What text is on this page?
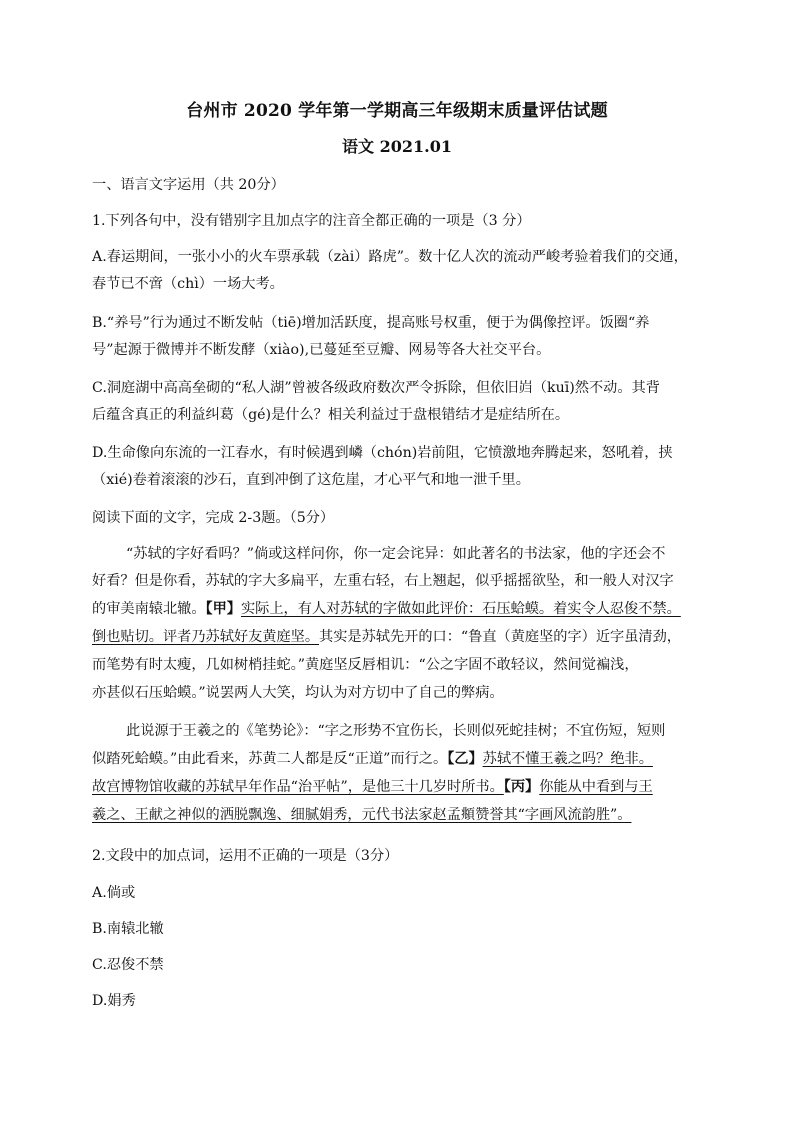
台州市 2020 学年第一学期高三年级期末质量评估试题
语文 2021.01
一、语言文字运用（共 20分）
1.下列各句中，没有错别字且加点字的注音全都正确的一项是（3 分）
A.春运期间，一张小小的火车票承载（zài）路虎”。数十亿人次的流动严峻考验着我们的交通，
春节已不啻（chì）一场大考。
B.“养号”行为通过不断发帖（tiē)增加活跃度，提高账号权重，便于为偶像控评。饭圈“养
号”起源于微博并不断发酵（xiào),已蔓延至豆瓣、网易等各大社交平台。
C.洞庭湖中高高垒砌的“私人湖”曾被各级政府数次严令拆除，但依旧岿（kuī)然不动。其背
后蕴含真正的利益纠葛（gé)是什么？相关利益过于盘根错结才是症结所在。
D.生命像向东流的一江春水，有时候遇到嶙（chón)岩前阻，它愤激地奔腾起来，怒吼着，挟
（xié)卷着滚滚的沙石，直到冲倒了这危崖，才心平气和地一泄千里。
阅读下面的文字，完成 2-3题。（5分）
“苏轼的字好看吗？”倘或这样问你，你一定会诧异：如此著名的书法家，他的字还会不
好看？但是你看，苏轼的字大多扁平，左重右轻，右上翘起，似乎摇摇欲坠，和一般人对汉字
的审美南辕北辙。【甲】实际上，有人对苏轼的字做如此评价：石压蛤蟆。着实令人忍俊不禁。
倒也贴切。评者乃苏轼好友黄庭坚。其实是苏轼先开的口：“鲁直（黄庭坚的字）近字虽清劲，
而笔势有时太瘦，几如树梢挂蛇。”黄庭坚反唇相讥：“公之字固不敢轻议，然间觉褊浅，
亦甚似石压蛤蟆。”说罢两人大笑，均认为对方切中了自己的弊病。
此说源于王羲之的《笔势论》：“字之形势不宜伤长，长则似死蛇挂树；不宜伤短，短则
似踏死蛤蟆。”由此看来，苏黄二人都是反“正道”而行之。【乙】苏轼不懂王羲之吗？绝非。
故宫博物馆收藏的苏轼早年作品“治平帖”，是他三十几岁时所书。【丙】你能从中看到与王
羲之、王献之神似的洒脱飘逸、细腻娟秀，元代书法家赵孟頫赞誉其“字画风流韵胜”。
2.文段中的加点词，运用不正确的一项是（3分）
A.倘或
B.南辕北辙
C.忍俊不禁
D.娟秀
